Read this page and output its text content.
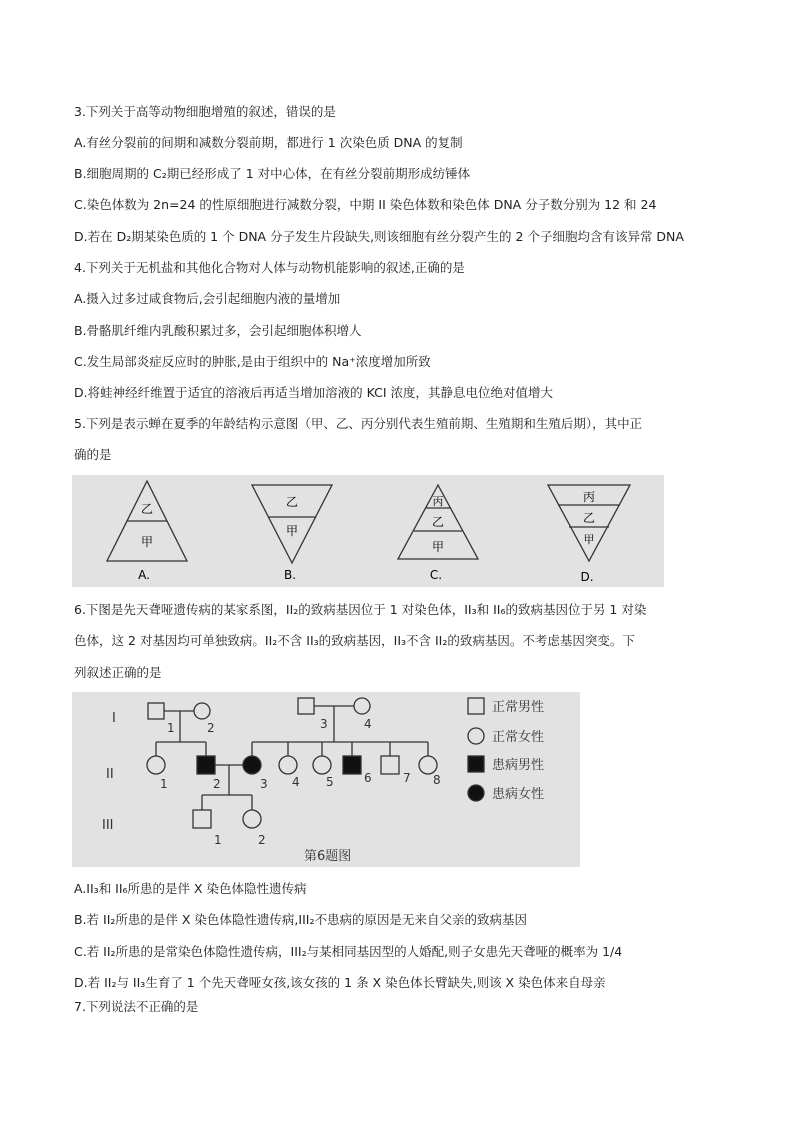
3.下列关于高等动物细胞增殖的叙述，错误的是
A.有丝分裂前的间期和减数分裂前期，都进行 1 次染色质 DNA 的复制
B.细胞周期的 C₂期已经形成了 1 对中心体，在有丝分裂前期形成纺锤体
C.染色体数为 2n=24 的性原细胞进行减数分裂，中期 II 染色体数和染色体 DNA 分子数分别为 12 和 24
D.若在 D₂期某染色质的 1 个 DNA 分子发生片段缺失,则该细胞有丝分裂产生的 2 个子细胞均含有该异常 DNA
4.下列关于无机盐和其他化合物对人体与动物机能影响的叙述,正确的是
A.摄入过多过咸食物后,会引起细胞内液的量增加
B.骨骼肌纤维内乳酸积累过多，会引起细胞体积增人
C.发生局部炎症反应时的肿胀,是由于组织中的 Na⁺浓度增加所致
D.将蛙神经纤维置于适宜的溶液后再适当增加溶液的 KCI 浓度，其静息电位绝对值增大
5.下列是表示蝉在夏季的年龄结构示意图（甲、乙、丙分别代表生殖前期、生殖期和生殖后期），其中正
确的是
乙
甲
A.
乙
甲
B.
丙
乙
甲
C.
丙
乙
甲
D.
6.下图是先天聋哑遗传病的某家系图，II₂的致病基因位于 1 对染色体，II₃和 II₆的致病基因位于另 1 对染
色体，这 2 对基因均可单独致病。II₂不含 II₃的致病基因，II₃不含 II₂的致病基因。不考虑基因突变。下
列叙述正确的是
I
II
III
1	2	3	4
1	2	3 4 5	6	7 8
1	2
正常男性
正常女性
患病男性
患病女性
第6题图
A.II₃和 II₆所患的是伴 X 染色体隐性遗传病
B.若 II₂所患的是伴 X 染色体隐性遗传病,III₂不患病的原因是无来自父亲的致病基因
C.若 II₂所患的是常染色体隐性遗传病，III₂与某相同基因型的人婚配,则子女患先天聋哑的概率为 1/4
D.若 II₂与 II₃生育了 1 个先天聋哑女孩,该女孩的 1 条 X 染色体长臂缺失,则该 X 染色体来自母亲
7.下列说法不正确的是
